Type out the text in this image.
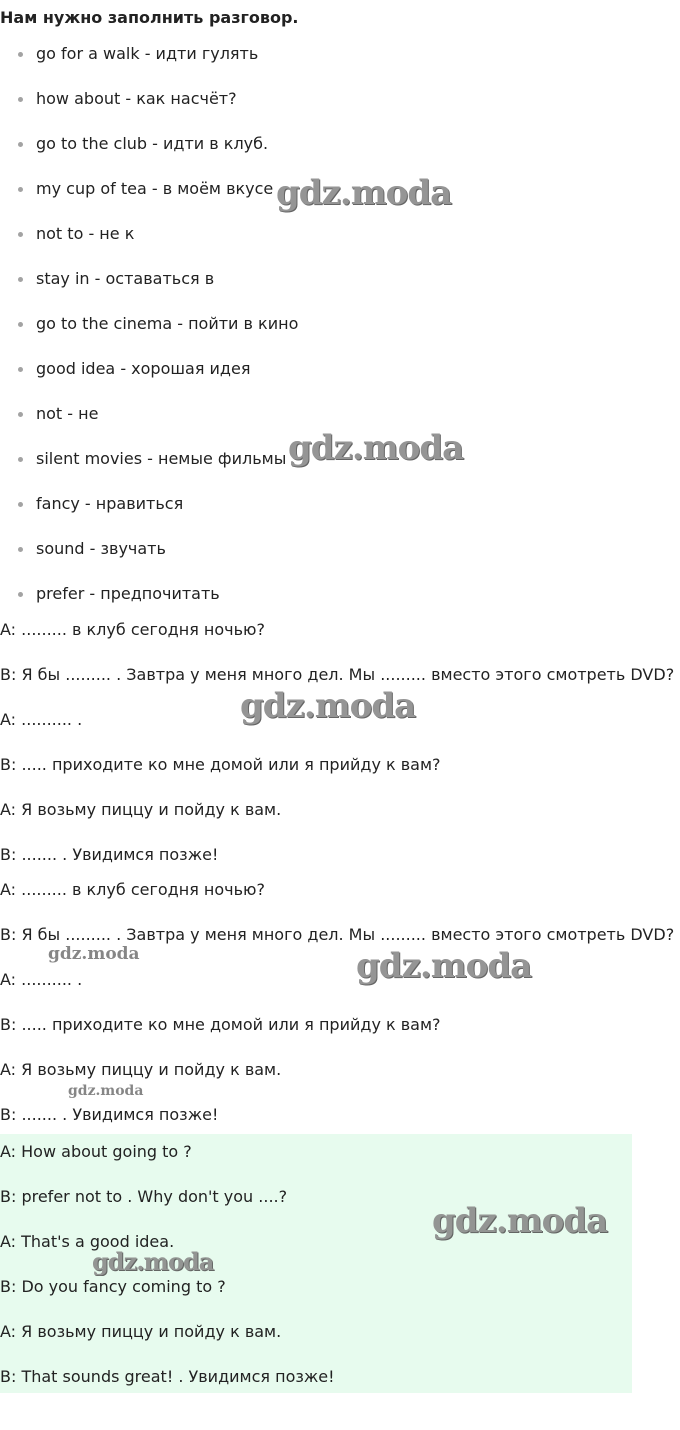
Нам нужно заполнить разговор.

go for a walk - идти гулять
how about - как насчёт?
go to the club - идти в клуб.
my cup of tea - в моём вкусе
not to - не к
stay in - оставаться в
go to the cinema - пойти в кино
good idea - хорошая идея
not - не
silent movies - немые фильмы
fancy - нравиться
sound - звучать
prefer - предпочитать
A: ......... в клуб сегодня ночью?
B: Я бы ......... . Завтра у меня много дел. Мы ......... вместо этого смотреть DVD?
A: .......... .
B: ..... приходите ко мне домой или я прийду к вам?
A: Я возьму пиццу и пойду к вам.
B: ....... . Увидимся позже!
A: ......... в клуб сегодня ночью?
B: Я бы ......... . Завтра у меня много дел. Мы ......... вместо этого смотреть DVD?
A: .......... .
B: ..... приходите ко мне домой или я прийду к вам?
A: Я возьму пиццу и пойду к вам.
B: ....... . Увидимся позже!
A: How about going to ?
B: prefer not to . Why don't you ....?
A: That's a good idea.
B: Do you fancy coming to ?
A: Я возьму пиццу и пойду к вам.
B: That sounds great! . Увидимся позже!
gdz.moda
gdz.moda
gdz.moda
gdz.moda	gdz.moda
gdz.moda
gdz.moda
gdz.moda
